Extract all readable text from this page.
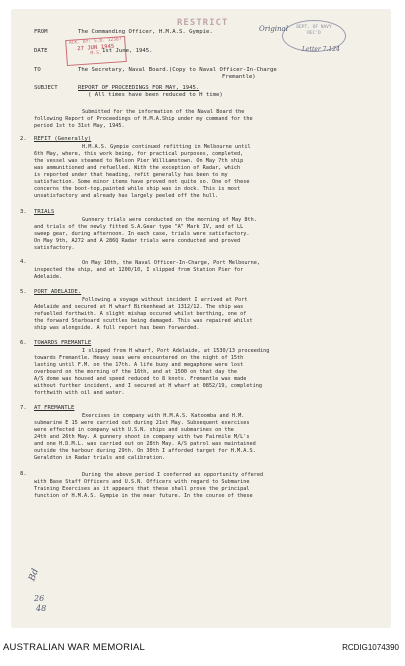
RESTRICT
ACK. BY: S.B. 12307
27 JUN 1945
M.S.
DEPT. OF NAVY
REC'D
Original
Letter 7.124
FROM	The Commanding Officer, H.M.A.S. Gympie.
DATE	1st June, 1945.
TO	The Secretary, Naval Board.(Copy to Naval Officer-In-Charge
Fremantle)
SUBJECT	REPORT OF PROCEEDINGS FOR MAY, 1945.
( All times have been reduced to H time)
Submitted for the information of the Naval Board the
following Report of Proceedings of H.M.A.Ship under my command for the
period 1st to 31st May, 1945.
2. REFIT (Generally)
H.M.A.S. Gympie continued refitting in Melbourne until
6th May, where, this work being, for practical purposes, completed,
the vessel was steamed to Nelson Pier Williamstown. On May 7th ship
was ammunitioned and refuelled. With the exception of Radar, which
is reported under that heading, refit generally has been to my
satisfaction. Some minor items have proved not quite so. One of these
concerns the boot-top,painted while ship was in dock. This is most
unsatisfactory and already has largely peeled off the hull.
3. TRIALS
Gunnery trials were conducted on the morning of May 8th.
and trials of the newly fitted S.A.Gear type "A" Mark IV, and of LL
sweep gear, during afternoon. In each case, trials were satisfactory.
On May 9th, A272 and A 286Q Radar trials were conducted and proved
satisfactory.
4.	On May 10th, the Naval Officer-In-Charge, Port Melbourne,
inspected the ship, and at 1200/10, I slipped from Station Pier for
Adelaide.
5. PORT ADELAIDE.
Following a voyage without incident I arrived at Port
Adelaide and secured at H wharf Birkenhead at 1312/12. The ship was
refuelled forthwith. A slight mishap occured whilst berthing, one of
the forward Starboard scuttles being damaged. This was repaired whilst
ship was alongside. A full report has been forwarded.
6. TOWARDS FREMANTLE
I slipped from H wharf, Port Adelaide, at 1530/13 proceeding
towards Fremantle. Heavy seas were encountered on the night of 15th
lasting until F.M. on the 17th. A life buoy and megaphone were lost
overboard on the morning of the 16th, and at 1500 on that day the
A/S dome was housed and speed reduced to 8 knots. Fremantle was made
without further incident, and I secured at H wharf at 0852/19, completing
forthwith with oil and water.
7. AT FREMANTLE
Exercises in company with H.M.A.S. Katoomba and H.M.
submarine E 15 were carried out during 21st May. Subsequent exercises
were effected in company with U.S.N. ships and submarines on the
24th and 26th May. A gunnery shoot in company with two Fairmile M/L's
and one H.D.M.L. was carried out on 28th May. A/S patrol was maintained
outside the harbour during 29th. On 30th I afforded target for H.M.A.S.
Geraldton in Radar trials and calibration.
8.	During the above period I conferred as opportunity offered
with Base Staff Officers and U.S.N. Officers with regard to Submarine
Training Exercises as it appears that these shall prove the principal
function of H.M.A.S. Gympie in the near future. In the course of these
Bd
26
48
AUSTRALIAN WAR MEMORIAL	RCDIG1074390
